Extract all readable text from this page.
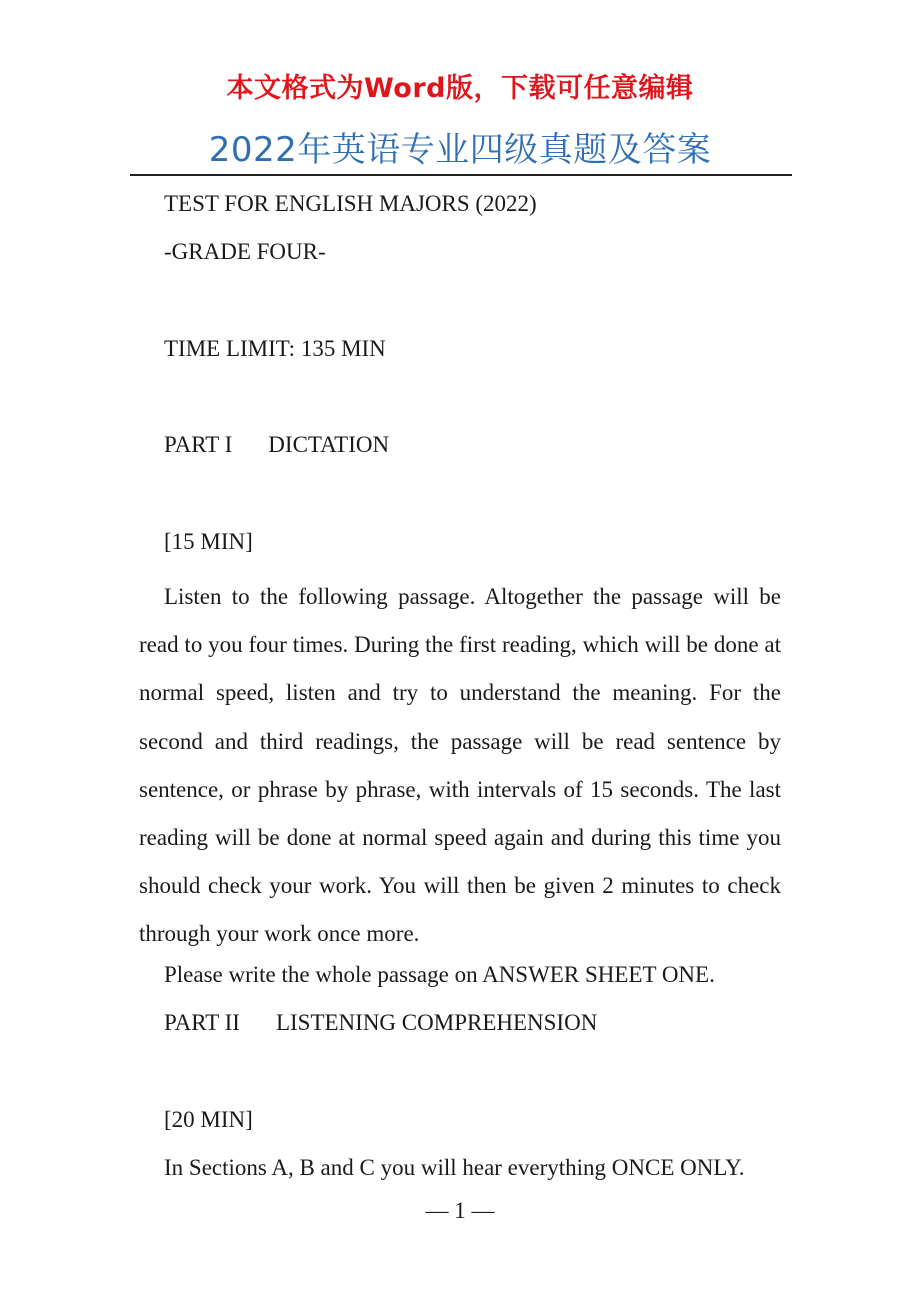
本文格式为Word版，下载可任意编辑
2022年英语专业四级真题及答案
TEST FOR ENGLISH MAJORS (2022)
-GRADE FOUR-
TIME LIMIT: 135 MIN
PART I DICTATION
[15 MIN]

Listen to the following passage. Altogether the passage will be read to you four times. During the first reading, which will be done at normal speed, listen and try to understand the meaning. For the second and third readings, the passage will be read sentence by sentence, or phrase by phrase, with intervals of 15 seconds. The last reading will be done at normal speed again and during this time you should check your work. You will then be given 2 minutes to check through your work once more.

Please write the whole passage on ANSWER SHEET ONE.
PART II LISTENING COMPREHENSION
[20 MIN]
In Sections A, B and C you will hear everything ONCE ONLY.
— 1 —
